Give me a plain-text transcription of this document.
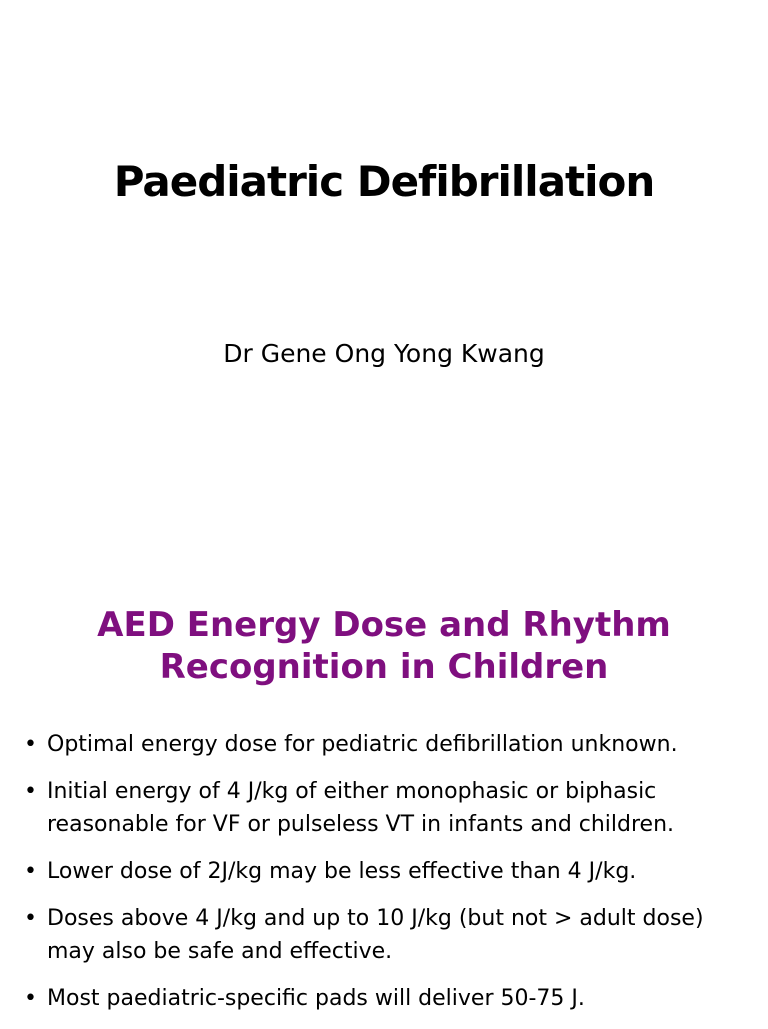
Paediatric Defibrillation
Dr Gene Ong Yong Kwang
AED Energy Dose and Rhythm
Recognition in Children
• Optimal energy dose for pediatric defibrillation unknown.
• Initial energy of 4 J/kg of either monophasic or biphasic reasonable for VF or pulseless VT in infants and children.
• Lower dose of 2J/kg may be less effective than 4 J/kg.
• Doses above 4 J/kg and up to 10 J/kg (but not > adult dose) may also be safe and effective.
• Most paediatric-specific pads will deliver 50-75 J.
